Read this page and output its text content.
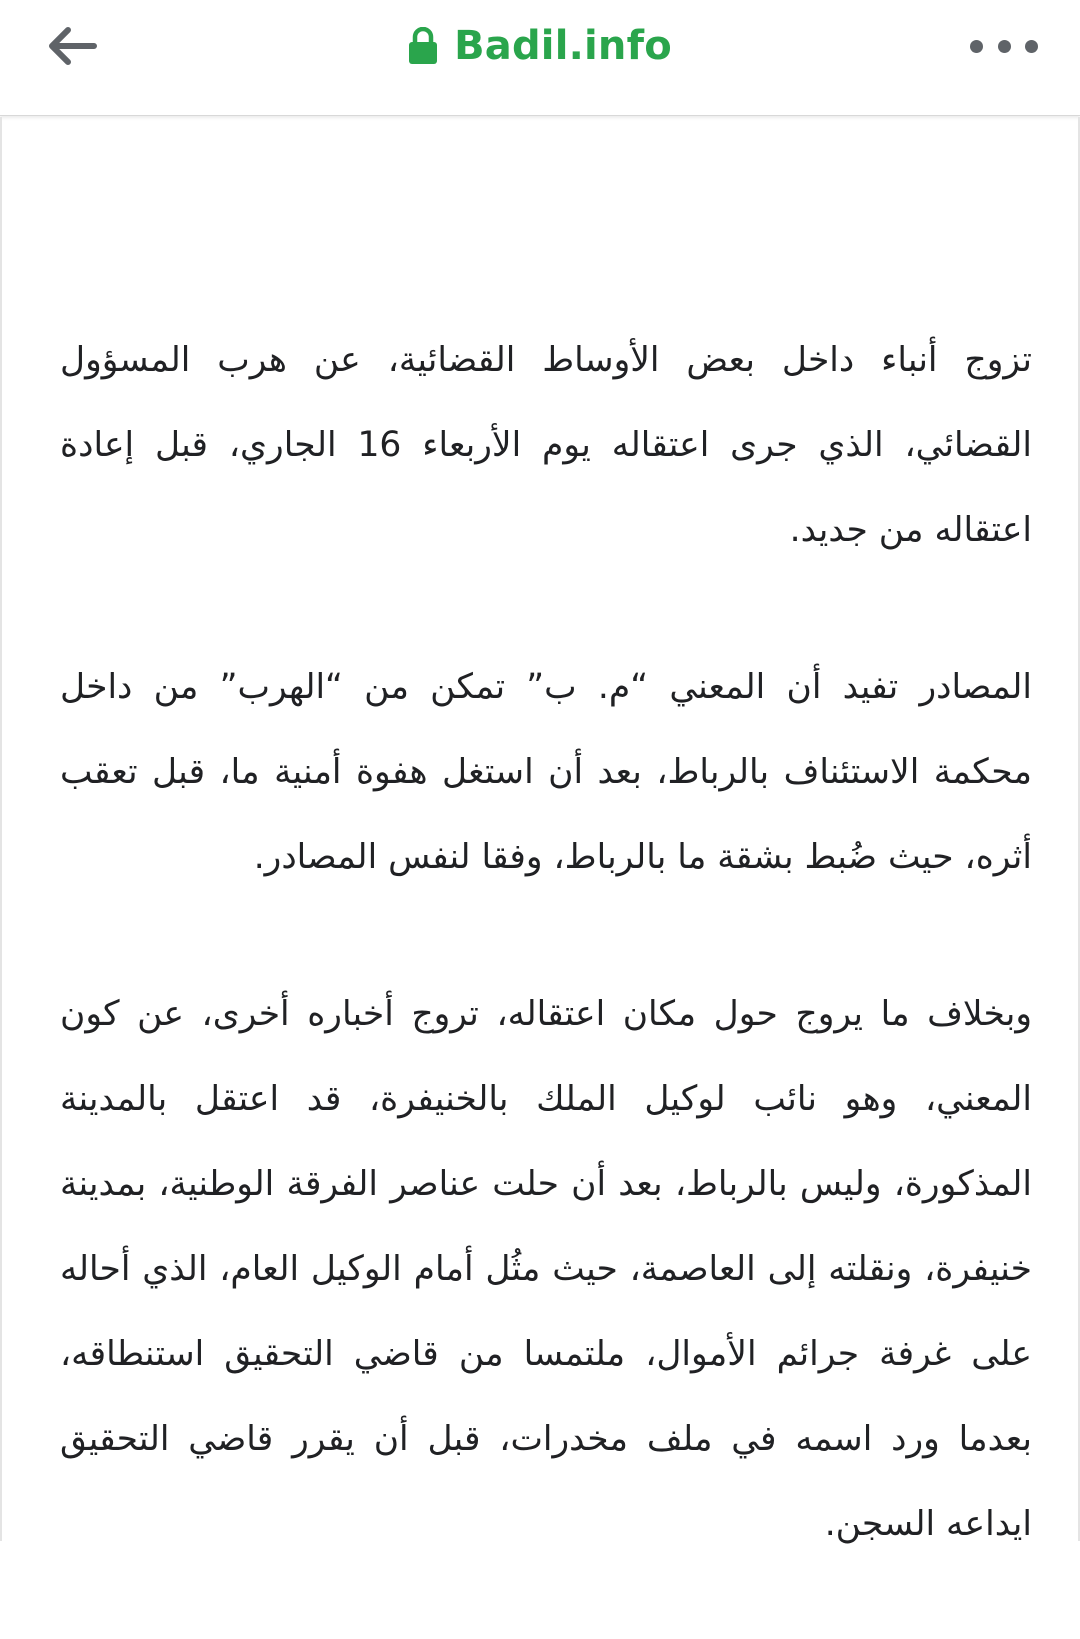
Badil.info

تزوج أنباء داخل بعض الأوساط القضائية، عن هرب المسؤول القضائي، الذي جرى اعتقاله يوم الأربعاء 16 الجاري، قبل إعادة اعتقاله من جديد.

المصادر تفيد أن المعني “م. ب” تمكن من “الهرب” من داخل محكمة الاستئناف بالرباط، بعد أن استغل هفوة أمنية ما، قبل تعقب أثره، حيث ضُبط بشقة ما بالرباط، وفقا لنفس المصادر.

وبخلاف ما يروج حول مكان اعتقاله، تروج أخباره أخرى، عن كون المعني، وهو نائب لوكيل الملك بالخنيفرة، قد اعتقل بالمدينة المذكورة، وليس بالرباط، بعد أن حلت عناصر الفرقة الوطنية، بمدينة خنيفرة، ونقلته إلى العاصمة، حيث مثُل أمام الوكيل العام، الذي أحاله على غرفة جرائم الأموال، ملتمسا من قاضي التحقيق استنطاقه، بعدما ورد اسمه في ملف مخدرات، قبل أن يقرر قاضي التحقيق ايداعه السجن.
